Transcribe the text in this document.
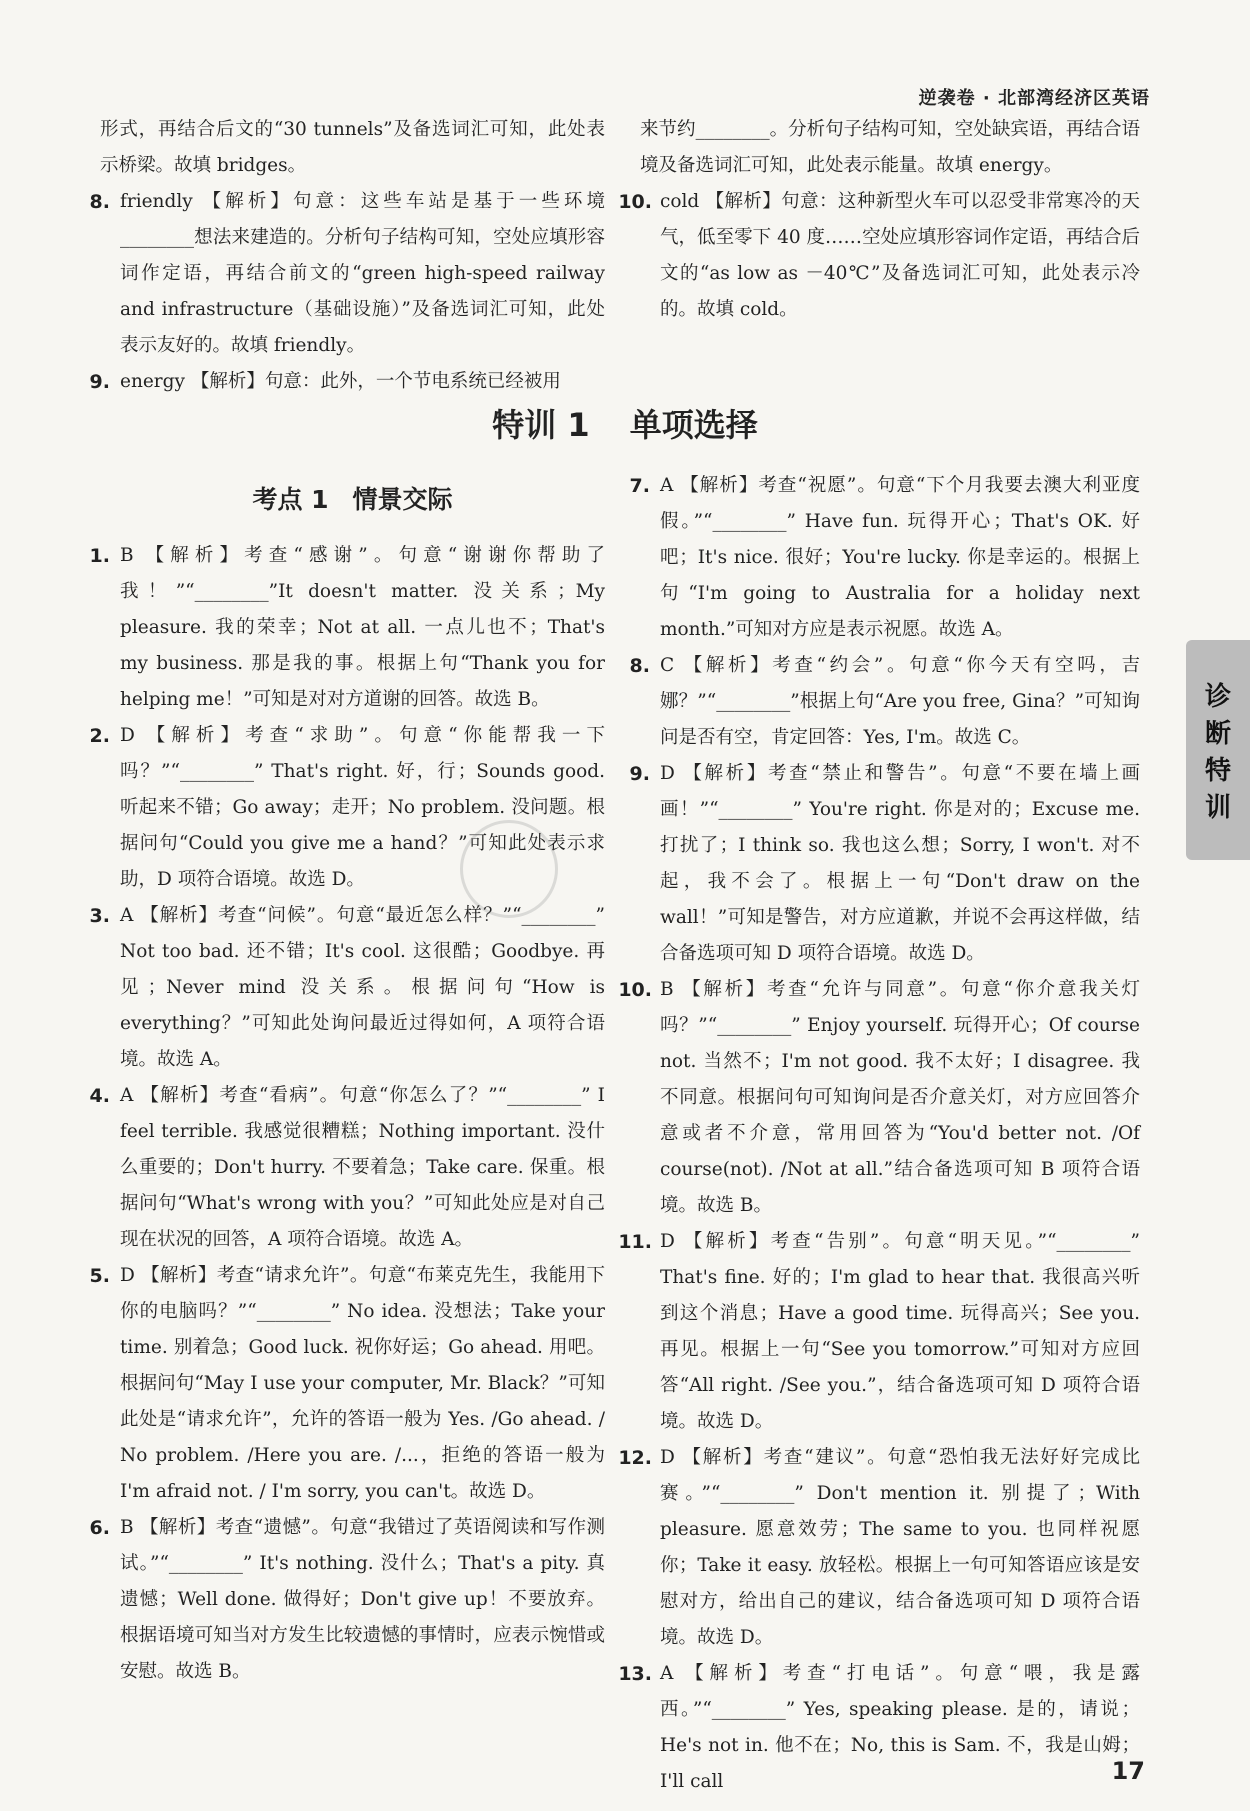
逆袭卷 · 北部湾经济区英语

形式，再结合后文的“30 tunnels”及备选词汇可知，此处表示桥梁。故填 bridges。

8. friendly 【解析】句意：这些车站是基于一些环境________想法来建造的。分析句子结构可知，空处应填形容词作定语，再结合前文的“green high-speed railway and infrastructure（基础设施）”及备选词汇可知，此处表示友好的。故填 friendly。

9. energy 【解析】句意：此外，一个节电系统已经被用

来节约________。分析句子结构可知，空处缺宾语，再结合语境及备选词汇可知，此处表示能量。故填 energy。

10. cold 【解析】句意：这种新型火车可以忍受非常寒冷的天气，低至零下 40 度……空处应填形容词作定语，再结合后文的“as low as －40℃”及备选词汇可知，此处表示冷的。故填 cold。

特训 1 单项选择
考点 1 情景交际

1. B 【解析】考查“感谢”。句意“谢谢你帮助了我！”“________”It doesn't matter. 没关系；My pleasure. 我的荣幸；Not at all. 一点儿也不；That's my business. 那是我的事。根据上句“Thank you for helping me！”可知是对对方道谢的回答。故选 B。

2. D 【解析】考查“求助”。句意“你能帮我一下吗？”“________” That's right. 好，行；Sounds good. 听起来不错；Go away；走开；No problem. 没问题。根据问句“Could you give me a hand？”可知此处表示求助，D 项符合语境。故选 D。

3. A 【解析】考查“问候”。句意“最近怎么样？”“________” Not too bad. 还不错；It's cool. 这很酷；Goodbye. 再见；Never mind 没关系。根据问句“How is everything？”可知此处询问最近过得如何，A 项符合语境。故选 A。

4. A 【解析】考查“看病”。句意“你怎么了？”“________” I feel terrible. 我感觉很糟糕；Nothing important. 没什么重要的；Don't hurry. 不要着急；Take care. 保重。根据问句“What's wrong with you？”可知此处应是对自己现在状况的回答，A 项符合语境。故选 A。

5. D 【解析】考查“请求允许”。句意“布莱克先生，我能用下你的电脑吗？”“________” No idea. 没想法；Take your time. 别着急；Good luck. 祝你好运；Go ahead. 用吧。根据问句“May I use your computer, Mr. Black？”可知此处是“请求允许”，允许的答语一般为 Yes. /Go ahead. / No problem. /Here you are. /...，拒绝的答语一般为 I'm afraid not. / I'm sorry, you can't。故选 D。

6. B 【解析】考查“遗憾”。句意“我错过了英语阅读和写作测试。”“________” It's nothing. 没什么；That's a pity. 真遗憾；Well done. 做得好；Don't give up！不要放弃。根据语境可知当对方发生比较遗憾的事情时，应表示惋惜或安慰。故选 B。

7. A 【解析】考查“祝愿”。句意“下个月我要去澳大利亚度假。”“________” Have fun. 玩得开心；That's OK. 好吧；It's nice. 很好；You're lucky. 你是幸运的。根据上句“I'm going to Australia for a holiday next month.”可知对方应是表示祝愿。故选 A。

8. C 【解析】考查“约会”。句意“你今天有空吗，吉娜？”“________”根据上句“Are you free, Gina？”可知询问是否有空，肯定回答：Yes, I'm。故选 C。

9. D 【解析】考查“禁止和警告”。句意“不要在墙上画画！”“________” You're right. 你是对的；Excuse me. 打扰了；I think so. 我也这么想；Sorry, I won't. 对不起，我不会了。根据上一句“Don't draw on the wall！”可知是警告，对方应道歉，并说不会再这样做，结合备选项可知 D 项符合语境。故选 D。

10. B 【解析】考查“允许与同意”。句意“你介意我关灯吗？”“________” Enjoy yourself. 玩得开心；Of course not. 当然不；I'm not good. 我不太好；I disagree. 我不同意。根据问句可知询问是否介意关灯，对方应回答介意或者不介意，常用回答为“You'd better not. /Of course(not). /Not at all.”结合备选项可知 B 项符合语境。故选 B。

11. D 【解析】考查“告别”。句意“明天见。”“________” That's fine. 好的；I'm glad to hear that. 我很高兴听到这个消息；Have a good time. 玩得高兴；See you. 再见。根据上一句“See you tomorrow.”可知对方应回答“All right. /See you.”，结合备选项可知 D 项符合语境。故选 D。

12. D 【解析】考查“建议”。句意“恐怕我无法好好完成比赛。”“________” Don't mention it. 别提了；With pleasure. 愿意效劳；The same to you. 也同样祝愿你；Take it easy. 放轻松。根据上一句可知答语应该是安慰对方，给出自己的建议，结合备选项可知 D 项符合语境。故选 D。

13. A 【解析】考查“打电话”。句意“喂，我是露西。”“________” Yes, speaking please. 是的，请说；He's not in. 他不在；No, this is Sam. 不，我是山姆；I'll call

诊
断
特
训
17
